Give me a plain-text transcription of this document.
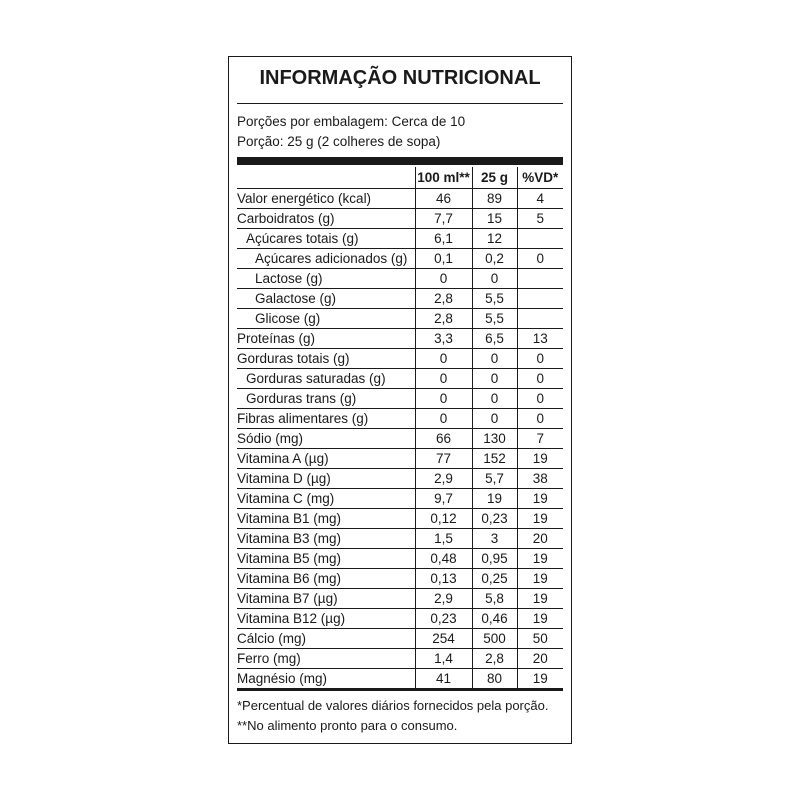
INFORMAÇÃO NUTRICIONAL
Porções por embalagem: Cerca de 10
Porção: 25 g (2 colheres de sopa)
	100 ml**	25 g	%VD*
Valor energético (kcal)	46	89	4
Carboidratos (g)	7,7	15	5
Açúcares totais (g)	6,1	12	
Açúcares adicionados (g)	0,1	0,2	0
Lactose (g)	0	0	
Galactose (g)	2,8	5,5	
Glicose (g)	2,8	5,5	
Proteínas (g)	3,3	6,5	13
Gorduras totais (g)	0	0	0
Gorduras saturadas (g)	0	0	0
Gorduras trans (g)	0	0	0
Fibras alimentares (g)	0	0	0
Sódio (mg)	66	130	7
Vitamina A (µg)	77	152	19
Vitamina D (µg)	2,9	5,7	38
Vitamina C (mg)	9,7	19	19
Vitamina B1 (mg)	0,12	0,23	19
Vitamina B3 (mg)	1,5	3	20
Vitamina B5 (mg)	0,48	0,95	19
Vitamina B6 (mg)	0,13	0,25	19
Vitamina B7 (µg)	2,9	5,8	19
Vitamina B12 (µg)	0,23	0,46	19
Cálcio (mg)	254	500	50
Ferro (mg)	1,4	2,8	20
Magnésio (mg)	41	80	19
*Percentual de valores diários fornecidos pela porção.
**No alimento pronto para o consumo.
